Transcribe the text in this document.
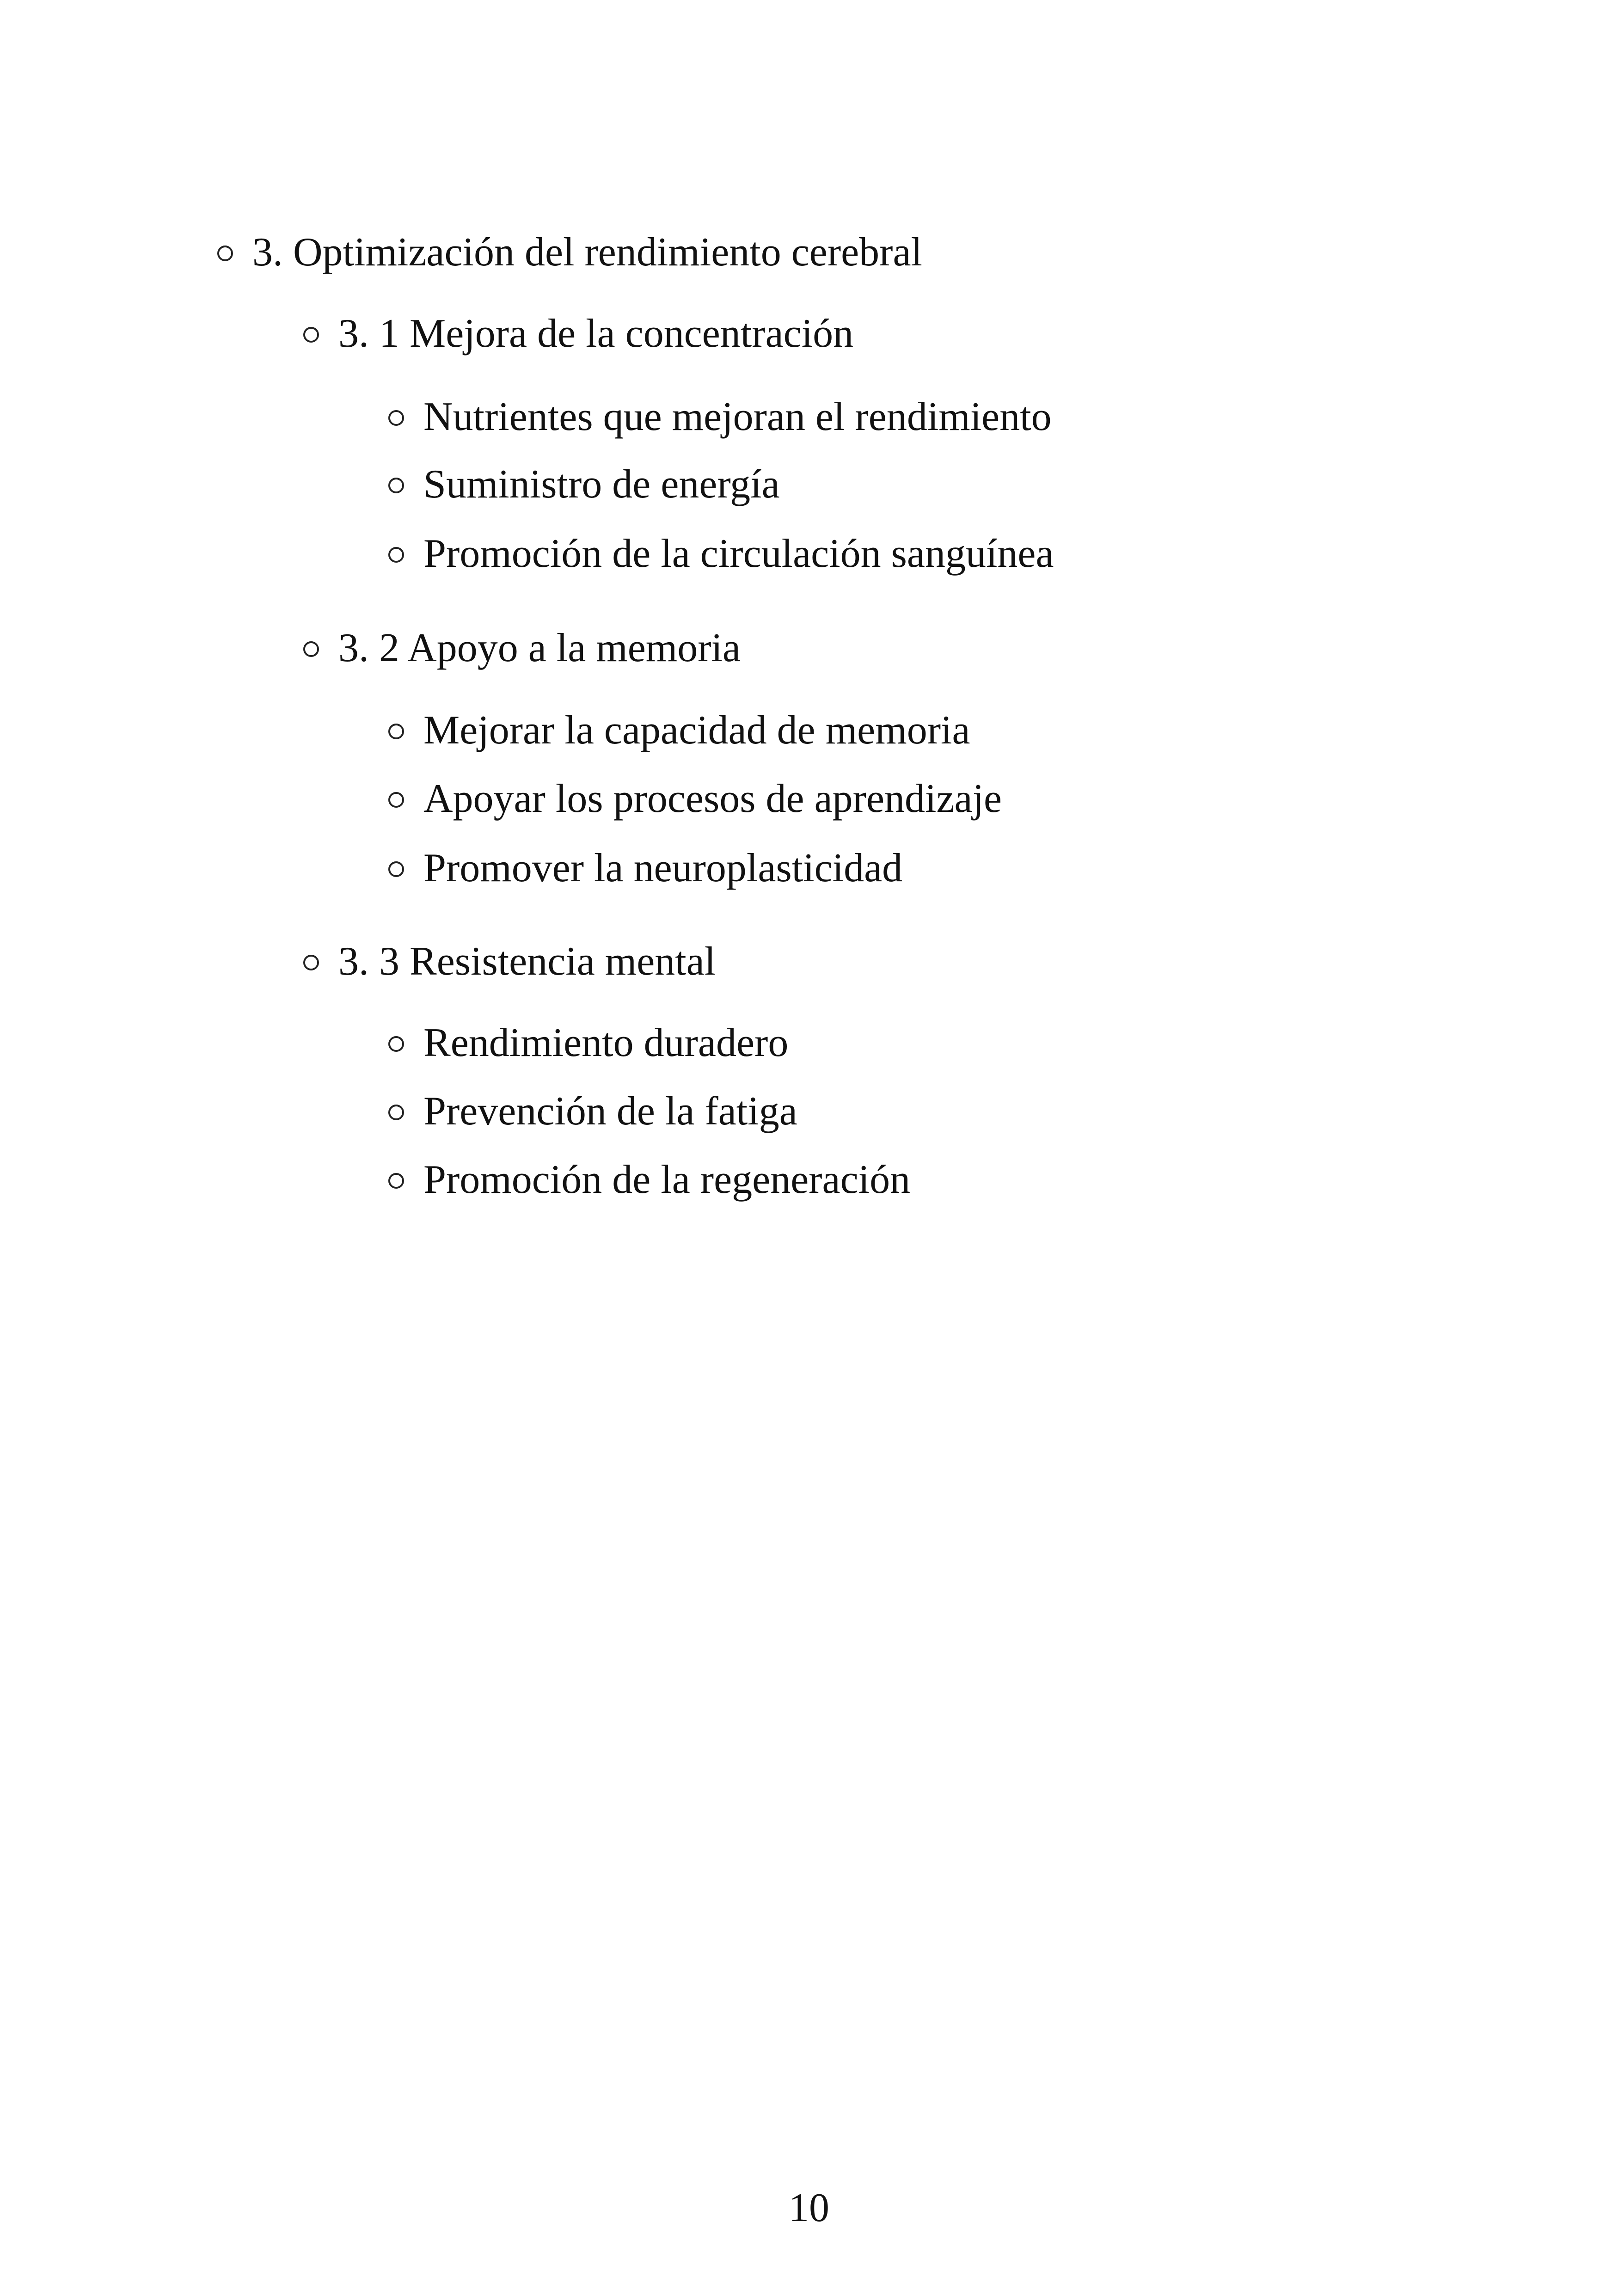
3. Optimización del rendimiento cerebral
3. 1 Mejora de la concentración
Nutrientes que mejoran el rendimiento
Suministro de energía
Promoción de la circulación sanguínea
3. 2 Apoyo a la memoria
Mejorar la capacidad de memoria
Apoyar los procesos de aprendizaje
Promover la neuroplasticidad
3. 3 Resistencia mental
Rendimiento duradero
Prevención de la fatiga
Promoción de la regeneración
10
